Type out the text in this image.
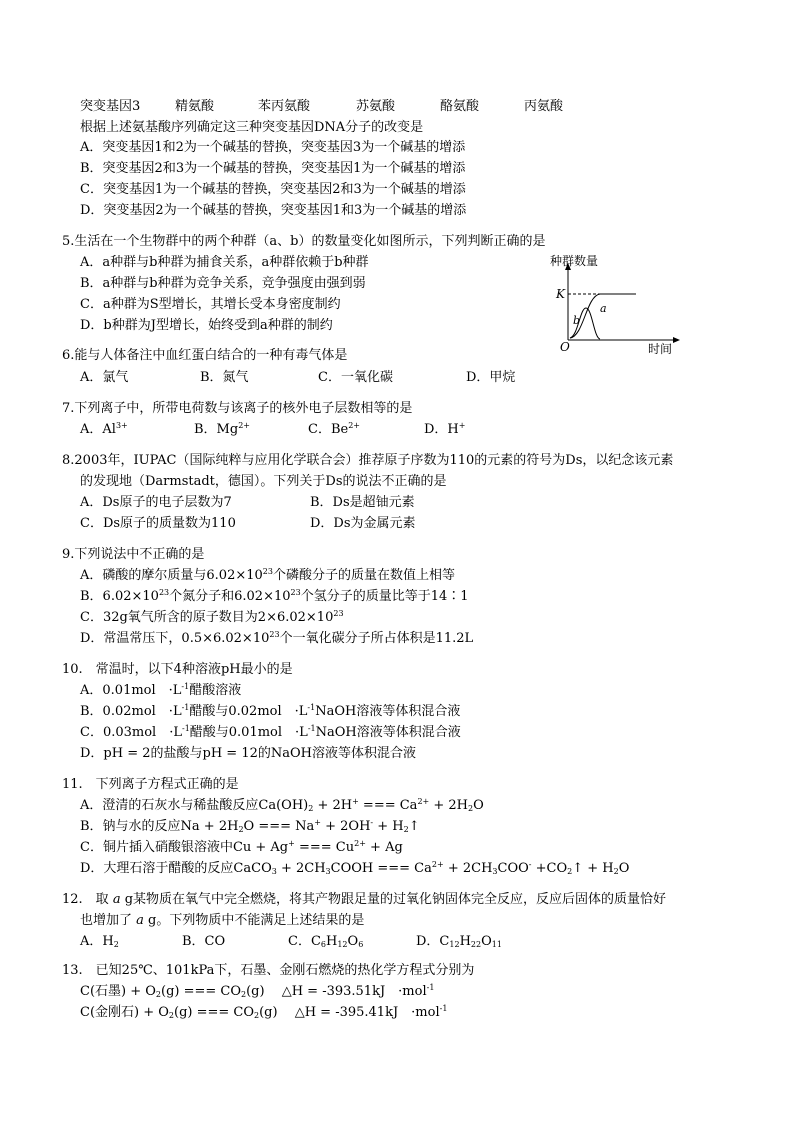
突变基因3	精氨酸	苯丙氨酸	苏氨酸	酪氨酸	丙氨酸
根据上述氨基酸序列确定这三种突变基因DNA分子的改变是
A．突变基因1和2为一个碱基的替换，突变基因3为一个碱基的增添
B．突变基因2和3为一个碱基的替换，突变基因1为一个碱基的增添
C．突变基因1为一个碱基的替换，突变基因2和3为一个碱基的增添
D．突变基因2为一个碱基的替换，突变基因1和3为一个碱基的增添
5.生活在一个生物群中的两个种群（a、b）的数量变化如图所示，下列判断正确的是
A．a种群与b种群为捕食关系，a种群依赖于b种群
B．a种群与b种群为竞争关系，竞争强度由强到弱
C．a种群为S型增长，其增长受本身密度制约
D．b种群为J型增长，始终受到a种群的制约
种群数量
K
a
b
O	时间
6.能与人体备注中血红蛋白结合的一种有毒气体是
A．氯气	B．氮气	C．一氧化碳	D．甲烷
7.下列离子中，所带电荷数与该离子的核外电子层数相等的是
A．$Al^{3+}$	B．$Mg^{2+}$	C．$Be^{2+}$	D．H+
8.2003年，IUPAC（国际纯粹与应用化学联合会）推荐原子序数为110的元素的符号为Ds，以纪念该元素
的发现地（Darmstadt，德国）。下列关于Ds的说法不正确的是
A．Ds原子的电子层数为7	B．Ds是超铀元素
C．Ds原子的质量数为110	D．Ds为金属元素
9.下列说法中不正确的是
A．磷酸的摩尔质量与$6.02\times 10^{23}$个磷酸分子的质量在数值上相等
B．$6.02\times 10^{23}$个氮分子和$6.02\times 10^{23}$个氢分子的质量比等于14∶1
C．32g氧气所含的原子数目为$2\times 6.02\times 10^{23}$
D．常温常压下，$0.5\times 6.02\times 10^{23}$个一氧化碳分子所占体积是11.2L
10.　常温时，以下4种溶液pH最小的是
A．0.01mol　$\cdot L^{-1}$醋酸溶液
B．0.02mol　$\cdot L^{-1}$醋酸与0.02mol　$\cdot L^{-1}NaOH$溶液等体积混合液
C．0.03mol　$\cdot L^{-1}$醋酸与0.01mol　$\cdot L^{-1}NaOH$溶液等体积混合液
D．pH = 2的盐酸与pH = 12的NaOH溶液等体积混合液
11.　下列离子方程式正确的是
A．澄清的石灰水与稀盐酸反应$Ca(OH)_2 + 2H^+$ === $Ca^{2+} + 2H_2O$
B．钠与水的反应$Na + 2H_2O$ === $Na^+ + 2OH^- + H_2↑$
C．铜片插入硝酸银溶液中Cu + Ag+ === $Cu^{2+} + Ag$
D．大理石溶于醋酸的反应CaCO$_3$ + $2CH_3COOH$ === $Ca^{2+} + 2CH_3COO^-$ $+CO_2↑ + H_2O$
12.　取 a g某物质在氧气中完全燃烧，将其产物跟足量的过氧化钠固体完全反应，反应后固体的质量恰好
也增加了 a g。下列物质中不能满足上述结果的是
A．$H_2$	B．CO	C．$C_6H_{12}O_6$	D．$C_{12}H_{22}O_{11}$
13.　已知25℃、101kPa下，石墨、金刚石燃烧的热化学方程式分别为
C(石墨) + $O_2(g)$ === $CO_2(g)$　 △H = -393.51kJ　·mol$^{-1}$
C(金刚石) + $O_2(g)$ === $CO_2(g)$　 △H = -395.41kJ　·mol$^{-1}$
